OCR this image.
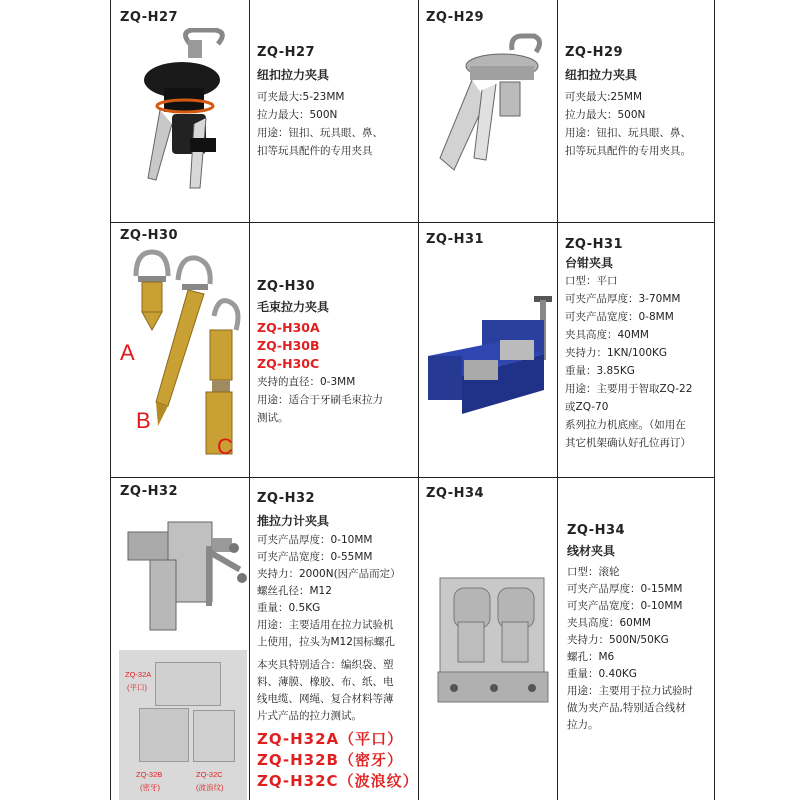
ZQ-H27
ZQ-H27
纽扣拉力夹具
可夹最大:5-23MM
拉力最大：500N
用途：钮扣、玩具眼、鼻、
扣等玩具配件的专用夹具
ZQ-H29
ZQ-H29
纽扣拉力夹具
可夹最大:25MM
拉力最大：500N
用途：钮扣、玩具眼、鼻、
扣等玩具配件的专用夹具。
ZQ-H30
A
B
C
ZQ-H30
毛束拉力夹具
ZQ-H30A
ZQ-H30B
ZQ-H30C
夹持的直径：0-3MM
用途：适合于牙刷毛束拉力
测试。
ZQ-H31	ZQ-H31
台钳夹具
口型：平口
可夹产品厚度：3-70MM
可夹产品宽度：0-8MM
夹具高度：40MM
夹持力：1KN/100KG
重量：3.85KG
用途：主要用于智取ZQ-22
或ZQ-70
系列拉力机底座。（如用在
其它机架确认好孔位再订）
ZQ-H32
ZQ-32A
(平口)
ZQ-32B
(密牙)
ZQ-32C
(波浪纹)
ZQ-H32
推拉力计夹具
可夹产品厚度：0-10MM
可夹产品宽度：0-55MM
夹持力：2000N(因产品而定）
螺丝孔径：M12
重量：0.5KG
用途：主要适用在拉力试验机
上使用，拉头为M12国标螺孔
本夹具特别适合：编织袋、塑
料、薄膜、橡胶、布、纸、电
线电缆、网绳、复合材料等薄
片式产品的拉力测试。
ZQ-H32A（平口）
ZQ-H32B（密牙）
ZQ-H32C（波浪纹）
ZQ-H34
ZQ-H34
线材夹具
口型：滚轮
可夹产品厚度：0-15MM
可夹产品宽度：0-10MM
夹具高度：60MM
夹持力：500N/50KG
螺孔：M6
重量：0.40KG
用途：主要用于拉力试验时
做为夹产品,特别适合线材
拉力。
